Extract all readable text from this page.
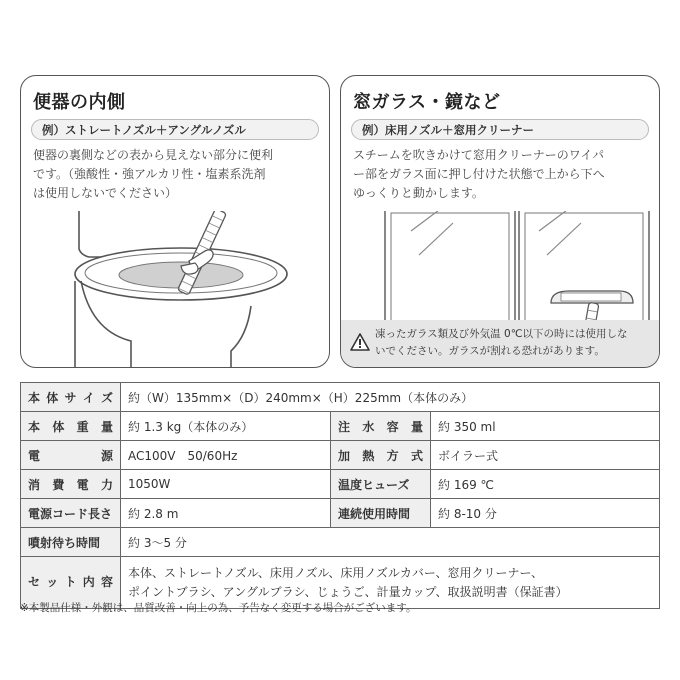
便器の内側
例）ストレートノズル＋アングルノズル
便器の裏側などの表から見えない部分に便利
です。（強酸性・強アルカリ性・塩素系洗剤
は使用しないでください）
窓ガラス・鏡など
例）床用ノズル＋窓用クリーナー
スチームを吹きかけて窓用クリーナーのワイパ
ー部をガラス面に押し付けた状態で上から下へ
ゆっくりと動かします。
凍ったガラス類及び外気温 0℃以下の時には使用しな
いでください。ガラスが割れる恐れがあります。
本 体 サ イ ズ	約（W）135mm×（D）240mm×（H）225mm（本体のみ）		

本 体 重 量	約 1.3 kg（本体のみ）	注 水 容 量	約 350 ml

電 源	AC100V　50/60Hz	加 熱 方 式	ボイラー式

消 費 電 力	1050W	温度ヒューズ	約 169 ℃

電源コード長さ	約 2.8 m	連続使用時間	約 8-10 分

噴射待ち時間	約 3～5 分		

セ ッ ト 内 容	本体、ストレートノズル、床用ノズル、床用ノズルカバー、窓用クリーナー、
ポイントブラシ、アングルブラシ、じょうご、計量カップ、取扱説明書（保証書）		
※本製品仕様・外観は、品質改善・向上の為、予告なく変更する場合がございます。
